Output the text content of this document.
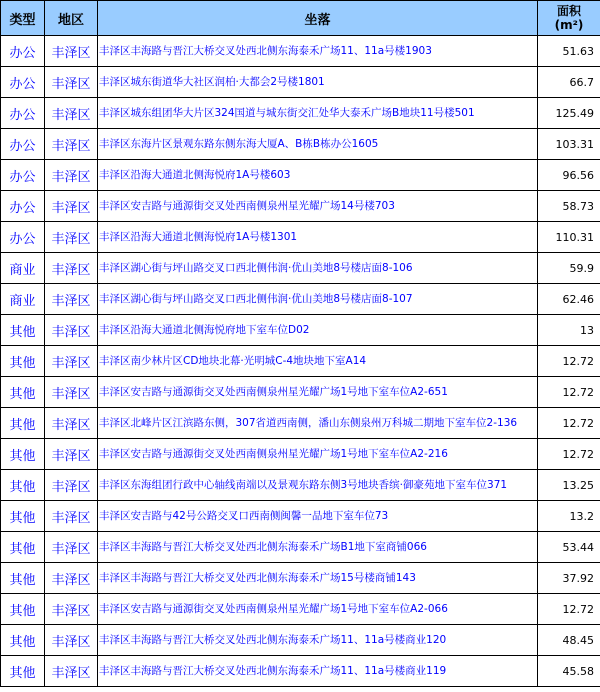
类型	地区	坐落	面积
(m²)
办公	丰泽区	丰泽区丰海路与晋江大桥交叉处西北侧东海泰禾广场11、11a号楼1903	51.63
办公	丰泽区	丰泽区城东街道华大社区润柏·大都会2号楼1801	66.7
办公	丰泽区	丰泽区城东组团华大片区324国道与城东街交汇处华大泰禾广场B地块11号楼501	125.49
办公	丰泽区	丰泽区东海片区景观东路东侧东海大厦A、B栋B栋办公1605	103.31
办公	丰泽区	丰泽区沿海大通道北侧海悦府1A号楼603	96.56
办公	丰泽区	丰泽区安吉路与通源街交叉处西南侧泉州星光耀广场14号楼703	58.73
办公	丰泽区	丰泽区沿海大通道北侧海悦府1A号楼1301	110.31
商业	丰泽区	丰泽区湖心街与坪山路交叉口西北侧伟润·优山美地8号楼店面8-106	59.9
商业	丰泽区	丰泽区湖心街与坪山路交叉口西北侧伟润·优山美地8号楼店面8-107	62.46
其他	丰泽区	丰泽区沿海大通道北侧海悦府地下室车位D02	13
其他	丰泽区	丰泽区南少林片区CD地块北幕·光明城C-4地块地下室A14	12.72
其他	丰泽区	丰泽区安吉路与通源街交叉处西南侧泉州星光耀广场1号地下室车位A2-651	12.72
其他	丰泽区	丰泽区北峰片区江滨路东侧，307省道西南侧，潘山东侧泉州万科城二期地下室车位2-136	12.72
其他	丰泽区	丰泽区安吉路与通源街交叉处西南侧泉州星光耀广场1号地下室车位A2-216	12.72
其他	丰泽区	丰泽区东海组团行政中心轴线南端以及景观东路东侧3号地块香缤·御豪苑地下室车位371	13.25
其他	丰泽区	丰泽区安吉路与42号公路交叉口西南侧闽馨一品地下室车位73	13.2
其他	丰泽区	丰泽区丰海路与晋江大桥交叉处西北侧东海泰禾广场B1地下室商铺066	53.44
其他	丰泽区	丰泽区丰海路与晋江大桥交叉处西北侧东海泰禾广场15号楼商铺143	37.92
其他	丰泽区	丰泽区安吉路与通源街交叉处西南侧泉州星光耀广场1号地下室车位A2-066	12.72
其他	丰泽区	丰泽区丰海路与晋江大桥交叉处西北侧东海泰禾广场11、11a号楼商业120	48.45
其他	丰泽区	丰泽区丰海路与晋江大桥交叉处西北侧东海泰禾广场11、11a号楼商业119	45.58
